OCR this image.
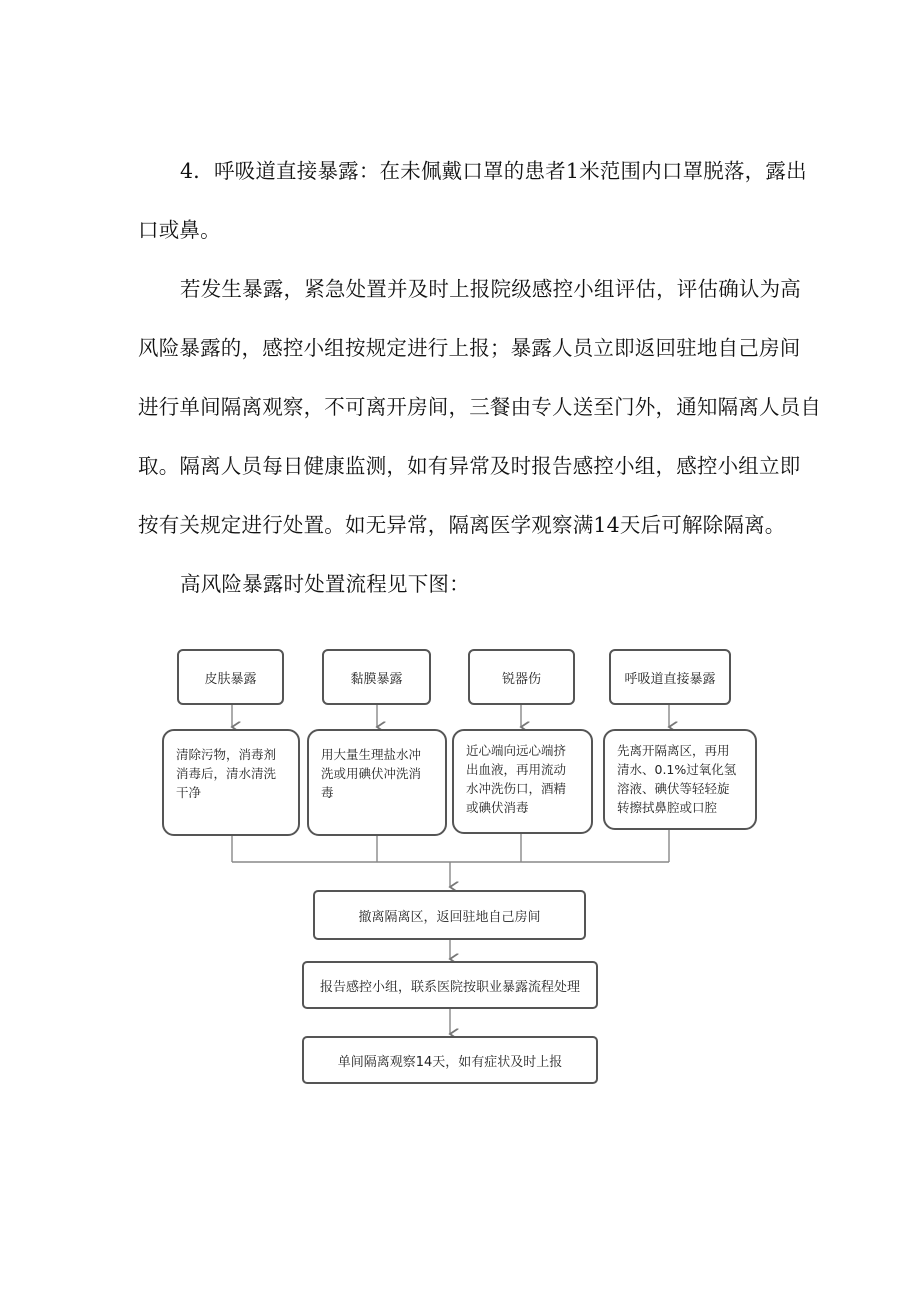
4．呼吸道直接暴露：在未佩戴口罩的患者1米范围内口罩脱落，露出
口或鼻。
若发生暴露，紧急处置并及时上报院级感控小组评估，评估确认为高
风险暴露的，感控小组按规定进行上报；暴露人员立即返回驻地自己房间
进行单间隔离观察，不可离开房间，三餐由专人送至门外，通知隔离人员自
取。隔离人员每日健康监测，如有异常及时报告感控小组，感控小组立即
按有关规定进行处置。如无异常，隔离医学观察满14天后可解除隔离。
高风险暴露时处置流程见下图：
皮肤暴露	黏膜暴露	锐器伤	呼吸道直接暴露
清除污物，消毒剂
消毒后，清水清洗
干净
用大量生理盐水冲
洗或用碘伏冲洗消
毒
近心端向远心端挤
出血液，再用流动
水冲洗伤口，酒精
或碘伏消毒
先离开隔离区，再用
清水、0.1%过氧化氢
溶液、碘伏等轻轻旋
转擦拭鼻腔或口腔
撤离隔离区，返回驻地自己房间
报告感控小组，联系医院按职业暴露流程处理
单间隔离观察14天，如有症状及时上报
